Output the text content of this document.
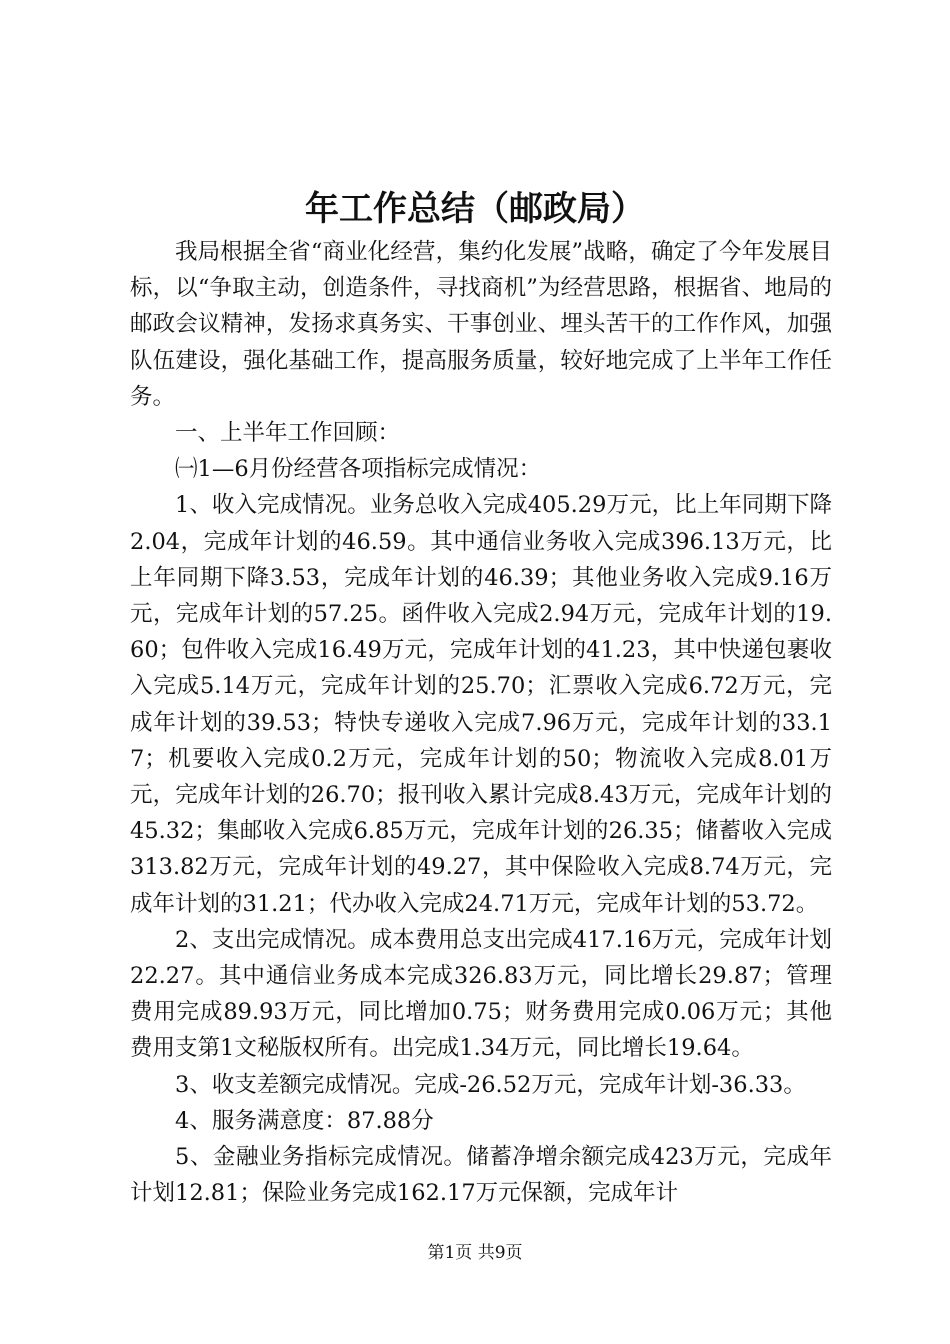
年工作总结（邮政局）

我局根据全省“商业化经营，集约化发展”战略，确定了今年发展目标，以“争取主动，创造条件，寻找商机”为经营思路，根据省、地局的邮政会议精神，发扬求真务实、干事创业、埋头苦干的工作作风，加强队伍建设，强化基础工作，提高服务质量，较好地完成了上半年工作任务。

一、上半年工作回顾：

㈠1—6月份经营各项指标完成情况：

1、收入完成情况。业务总收入完成405.29万元，比上年同期下降2.04，完成年计划的46.59。其中通信业务收入完成396.13万元，比上年同期下降3.53，完成年计划的46.39；其他业务收入完成9.16万元，完成年计划的57.25。函件收入完成2.94万元，完成年计划的19.60；包件收入完成16.49万元，完成年计划的41.23，其中快递包裹收入完成5.14万元，完成年计划的25.70；汇票收入完成6.72万元，完成年计划的39.53；特快专递收入完成7.96万元，完成年计划的33.17；机要收入完成0.2万元，完成年计划的50；物流收入完成8.01万元，完成年计划的26.70；报刊收入累计完成8.43万元，完成年计划的45.32；集邮收入完成6.85万元，完成年计划的26.35；储蓄收入完成313.82万元，完成年计划的49.27，其中保险收入完成8.74万元，完成年计划的31.21；代办收入完成24.71万元，完成年计划的53.72。

2、支出完成情况。成本费用总支出完成417.16万元，完成年计划22.27。其中通信业务成本完成326.83万元，同比增长29.87；管理费用完成89.93万元，同比增加0.75；财务费用完成0.06万元；其他费用支第1文秘版权所有。出完成1.34万元，同比增长19.64。

3、收支差额完成情况。完成-26.52万元，完成年计划-36.33。

4、服务满意度：87.88分

5、金融业务指标完成情况。储蓄净增余额完成423万元，完成年计划12.81；保险业务完成162.17万元保额，完成年计

第1页 共9页
